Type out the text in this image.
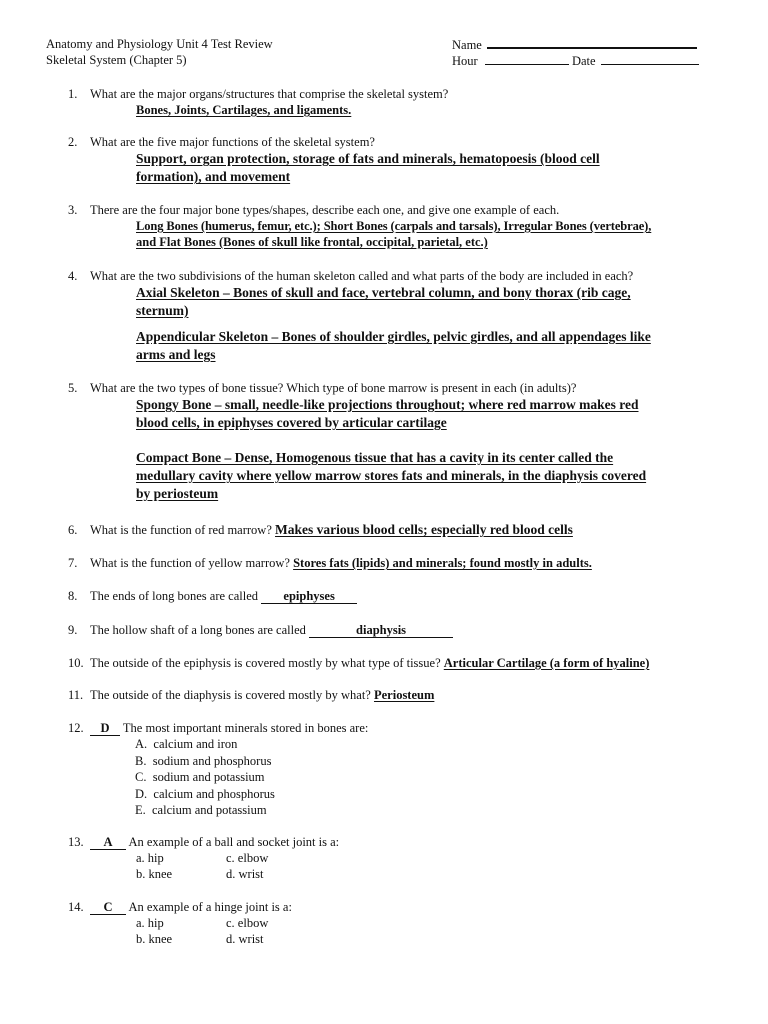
Anatomy and Physiology Unit 4 Test Review
Skeletal System (Chapter 5)
Name
Hour	Date
1.	What are the major organs/structures that comprise the skeletal system?
Bones, Joints, Cartilages, and ligaments.
2.	What are the five major functions of the skeletal system?
Support, organ protection, storage of fats and minerals, hematopoesis (blood cell
formation), and movement
3.	There are the four major bone types/shapes, describe each one, and give one example of each.
Long Bones (humerus, femur, etc.); Short Bones (carpals and tarsals), Irregular Bones (vertebrae),
and Flat Bones (Bones of skull like frontal, occipital, parietal, etc.)
4.	What are the two subdivisions of the human skeleton called and what parts of the body are included in each?
Axial Skeleton – Bones of skull and face, vertebral column, and bony thorax (rib cage,
sternum)
Appendicular Skeleton – Bones of shoulder girdles, pelvic girdles, and all appendages like
arms and legs
5.	What are the two types of bone tissue? Which type of bone marrow is present in each (in adults)?
Spongy Bone – small, needle-like projections throughout; where red marrow makes red
blood cells, in epiphyses covered by articular cartilage
Compact Bone – Dense, Homogenous tissue that has a cavity in its center called the
medullary cavity where yellow marrow stores fats and minerals, in the diaphysis covered
by periosteum
6.	What is the function of red marrow? Makes various blood cells; especially red blood cells
7.	What is the function of yellow marrow? Stores fats (lipids) and minerals; found mostly in adults.
8.	The ends of long bones are called epiphyses
9.	The hollow shaft of a long bones are called	diaphysis
10. The outside of the epiphysis is covered mostly by what type of tissue? Articular Cartilage (a form of hyaline)
11. The outside of the diaphysis is covered mostly by what? Periosteum
12.	D The most important minerals stored in bones are:
A.  calcium and iron
B.  sodium and phosphorus
C.  sodium and potassium
D.  calcium and phosphorus
E.  calcium and potassium
13.	A An example of a ball and socket joint is a:
a. hip	c. elbow
b. knee	d. wrist
14.	C An example of a hinge joint is a:
a. hip	c. elbow
b. knee	d. wrist
